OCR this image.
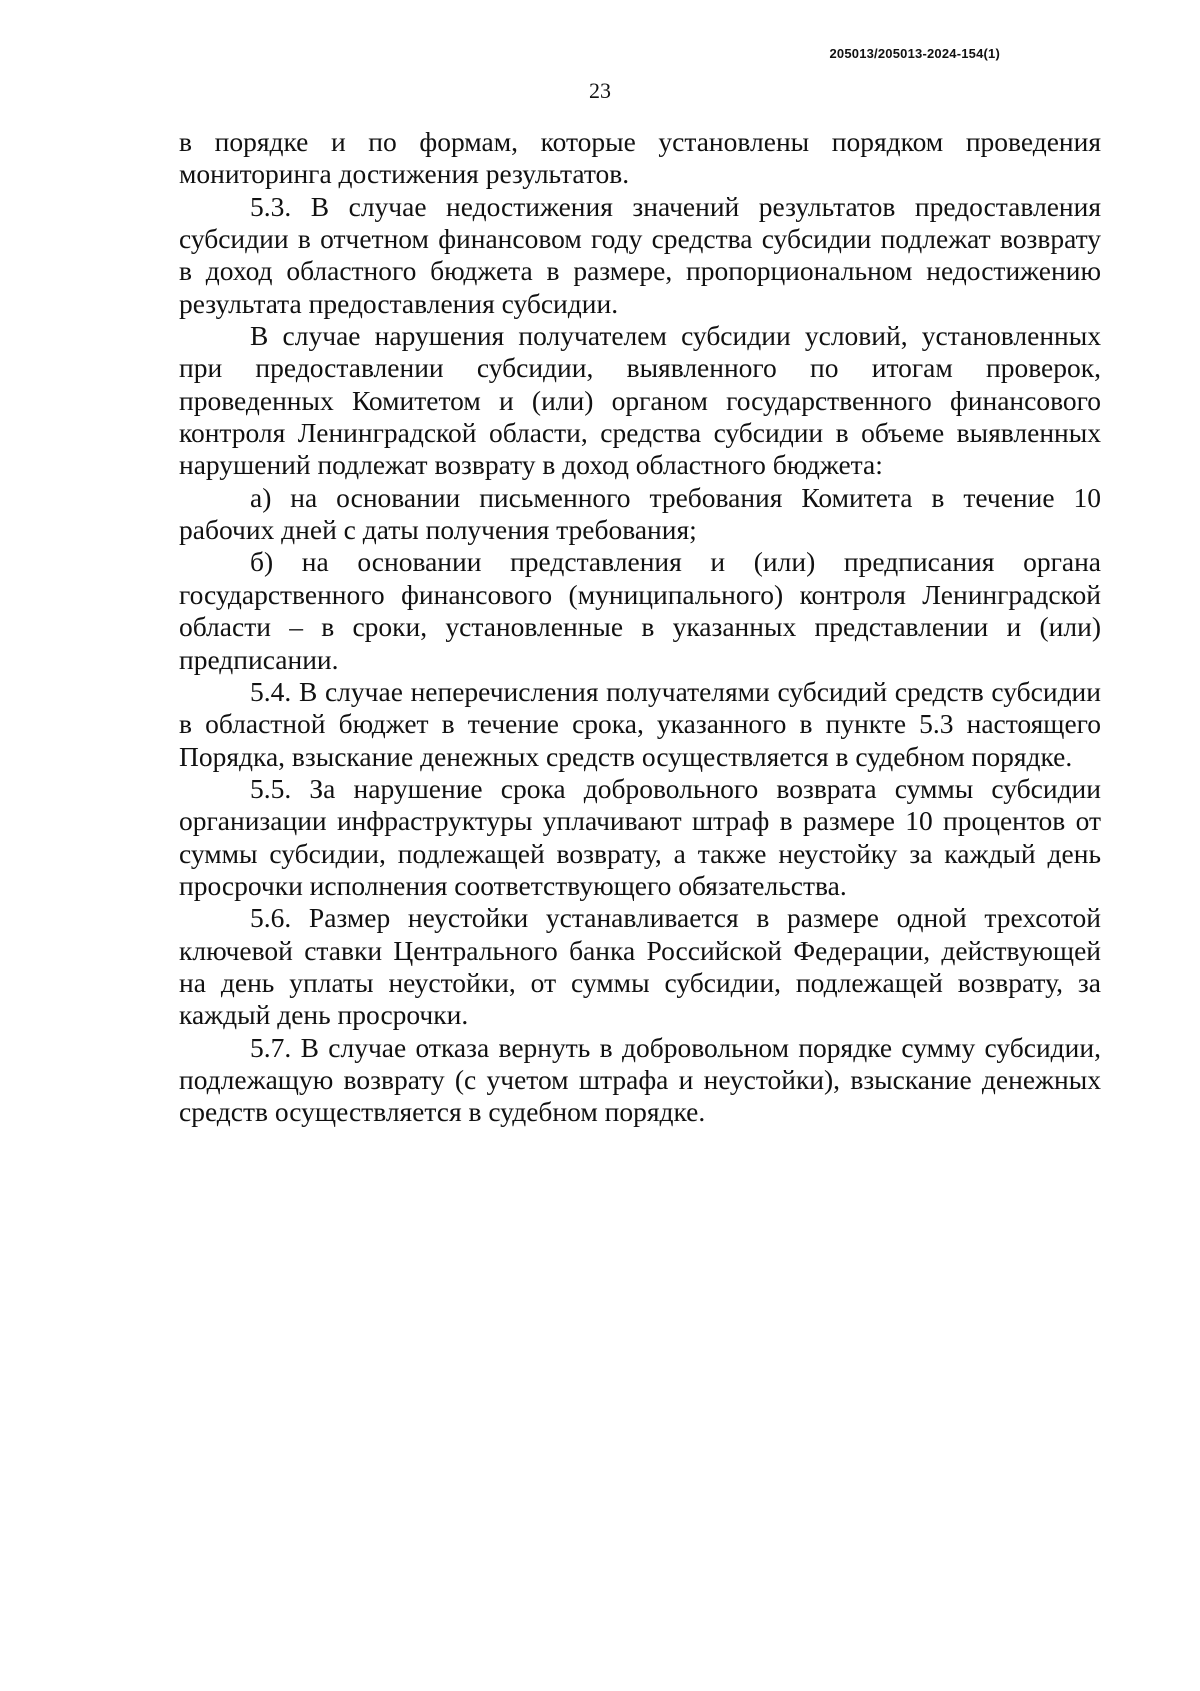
205013/205013-2024-154(1)
23

в порядке и по формам, которые установлены порядком проведения мониторинга достижения результатов.

5.3. В случае недостижения значений результатов предоставления субсидии в отчетном финансовом году средства субсидии подлежат возврату в доход областного бюджета в размере, пропорциональном недостижению результата предоставления субсидии.

В случае нарушения получателем субсидии условий, установленных при предоставлении субсидии, выявленного по итогам проверок, проведенных Комитетом и (или) органом государственного финансового контроля Ленинградской области, средства субсидии в объеме выявленных нарушений подлежат возврату в доход областного бюджета:

а) на основании письменного требования Комитета в течение 10 рабочих дней с даты получения требования;

б) на основании представления и (или) предписания органа государственного финансового (муниципального) контроля Ленинградской области – в сроки, установленные в указанных представлении и (или) предписании.

5.4. В случае неперечисления получателями субсидий средств субсидии в областной бюджет в течение срока, указанного в пункте 5.3 настоящего Порядка, взыскание денежных средств осуществляется в судебном порядке.

5.5. За нарушение срока добровольного возврата суммы субсидии организации инфраструктуры уплачивают штраф в размере 10 процентов от суммы субсидии, подлежащей возврату, а также неустойку за каждый день просрочки исполнения соответствующего обязательства.

5.6. Размер неустойки устанавливается в размере одной трехсотой ключевой ставки Центрального банка Российской Федерации, действующей на день уплаты неустойки, от суммы субсидии, подлежащей возврату, за каждый день просрочки.

5.7. В случае отказа вернуть в добровольном порядке сумму субсидии, подлежащую возврату (с учетом штрафа и неустойки), взыскание денежных средств осуществляется в судебном порядке.
